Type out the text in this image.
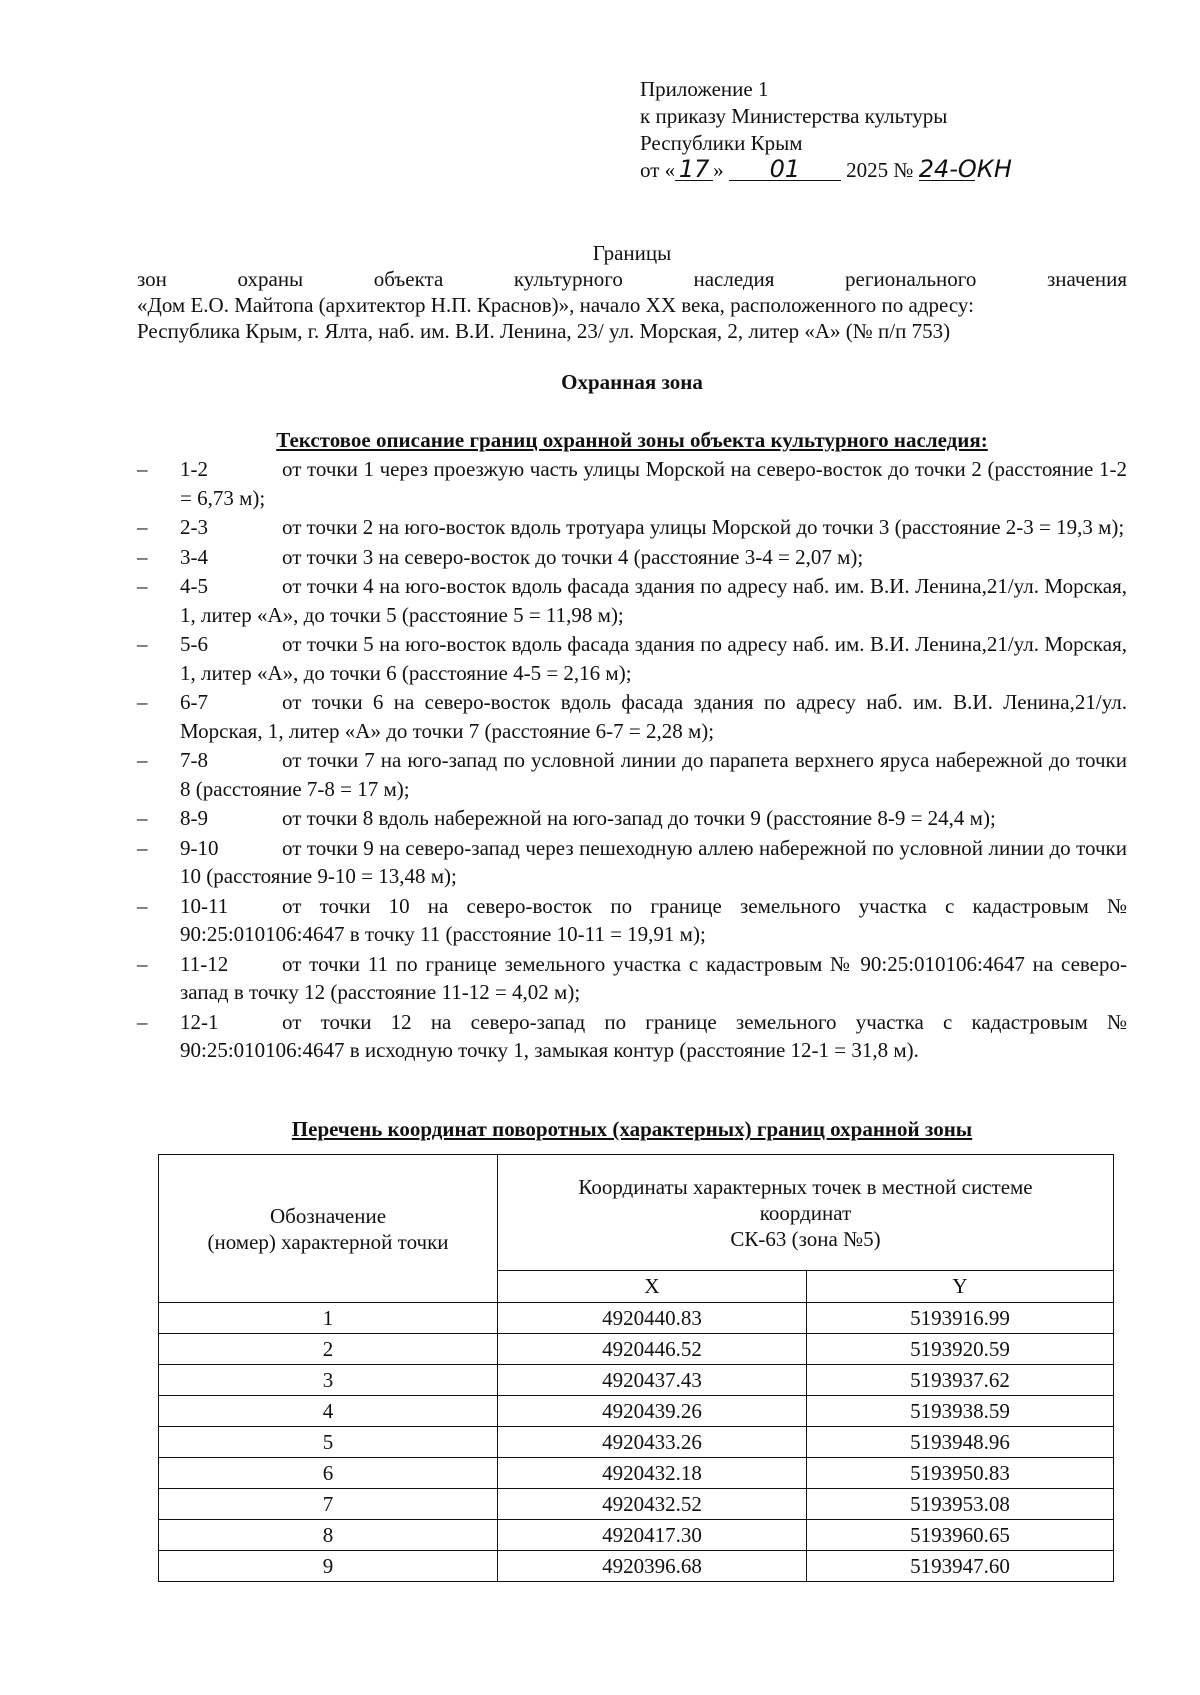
Приложение 1
к приказу Министерства культуры
Республики Крым
от « 17 » 01 2025 № 24-ОКН
Границы
зон	охраны	объекта	культурного	наследия	регионального	значения
«Дом Е.О. Майтопа (архитектор Н.П. Краснов)», начало XX века, расположенного по адресу:
Республика Крым, г. Ялта, наб. им. В.И. Ленина, 23/ ул. Морская, 2, литер «А» (№ п/п 753)
Охранная зона
Текстовое описание границ охранной зоны объекта культурного наследия:
– 1-2	от точки 1 через проезжую часть улицы Морской на северо-восток до точки 2 (расстояние 1-2 = 6,73 м);
– 2-3	от точки 2 на юго-восток вдоль тротуара улицы Морской до точки 3 (расстояние 2-3 = 19,3 м);
– 3-4	от точки 3 на северо-восток до точки 4 (расстояние 3-4 = 2,07 м);
– 4-5	от точки 4 на юго-восток вдоль фасада здания по адресу наб. им. В.И. Ленина,21/ул. Морская, 1, литер «А», до точки 5 (расстояние 5 = 11,98 м);
– 5-6	от точки 5 на юго-восток вдоль фасада здания по адресу наб. им. В.И. Ленина,21/ул. Морская, 1, литер «А», до точки 6 (расстояние 4-5 = 2,16 м);
– 6-7	от точки 6 на северо-восток вдоль фасада здания по адресу наб. им. В.И. Ленина,21/ул. Морская, 1, литер «А» до точки 7 (расстояние 6-7 = 2,28 м);
– 7-8	от точки 7 на юго-запад по условной линии до парапета верхнего яруса набережной до точки 8 (расстояние 7-8 = 17 м);
– 8-9	от точки 8 вдоль набережной на юго-запад до точки 9 (расстояние 8-9 = 24,4 м);
– 9-10	от точки 9 на северо-запад через пешеходную аллею набережной по условной линии до точки 10 (расстояние 9-10 = 13,48 м);
– 10-11	от точки 10 на северо-восток по границе земельного участка с кадастровым № 90:25:010106:4647 в точку 11 (расстояние 10-11 = 19,91 м);
– 11-12	от точки 11 по границе земельного участка с кадастровым № 90:25:010106:4647 на северо-запад в точку 12 (расстояние 11-12 = 4,02 м);
– 12-1	от точки 12 на северо-запад по границе земельного участка с кадастровым № 90:25:010106:4647 в исходную точку 1, замыкая контур (расстояние 12-1 = 31,8 м).
Перечень координат поворотных (характерных) границ охранной зоны
Обозначение
(номер) характерной точки

Координаты характерных точек в местной системе
координат
СК-63 (зона №5)

	X	Y
1	4920440.83	5193916.99
2	4920446.52	5193920.59
3	4920437.43	5193937.62
4	4920439.26	5193938.59
5	4920433.26	5193948.96
6	4920432.18	5193950.83
7	4920432.52	5193953.08
8	4920417.30	5193960.65
9	4920396.68	5193947.60
